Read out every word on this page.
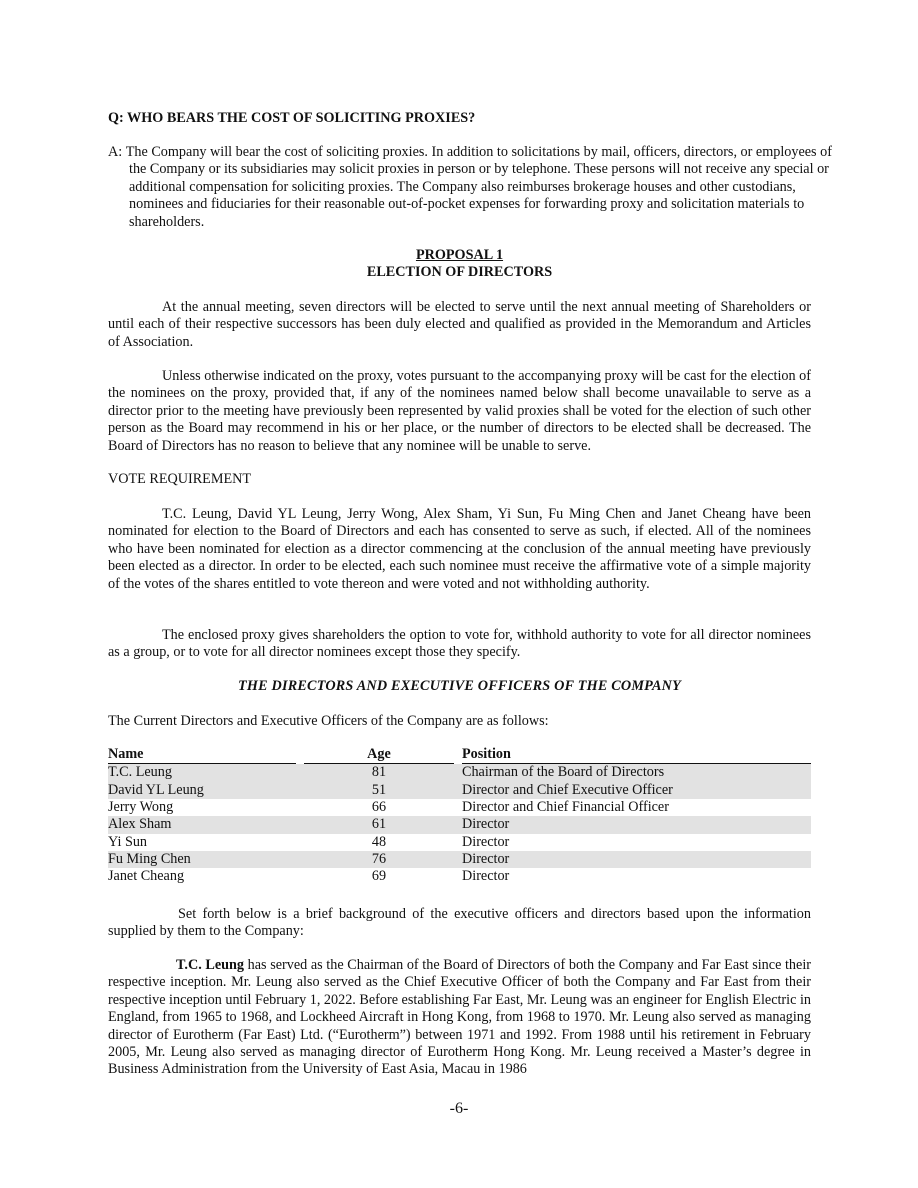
Q: WHO BEARS THE COST OF SOLICITING PROXIES?

A: The Company will bear the cost of soliciting proxies. In addition to solicitations by mail, officers, directors, or employees of the Company or its subsidiaries may solicit proxies in person or by telephone. These persons will not receive any special or additional compensation for soliciting proxies. The Company also reimburses brokerage houses and other custodians, nominees and fiduciaries for their reasonable out-of-pocket expenses for forwarding proxy and solicitation materials to shareholders.

PROPOSAL 1

ELECTION OF DIRECTORS

At the annual meeting, seven directors will be elected to serve until the next annual meeting of Shareholders or until each of their respective successors has been duly elected and qualified as provided in the Memorandum and Articles of Association.

Unless otherwise indicated on the proxy, votes pursuant to the accompanying proxy will be cast for the election of the nominees on the proxy, provided that, if any of the nominees named below shall become unavailable to serve as a director prior to the meeting have previously been represented by valid proxies shall be voted for the election of such other person as the Board may recommend in his or her place, or the number of directors to be elected shall be decreased. The Board of Directors has no reason to believe that any nominee will be unable to serve.

VOTE REQUIREMENT

T.C. Leung, David YL Leung, Jerry Wong, Alex Sham, Yi Sun, Fu Ming Chen and Janet Cheang have been nominated for election to the Board of Directors and each has consented to serve as such, if elected. All of the nominees who have been nominated for election as a director commencing at the conclusion of the annual meeting have previously been elected as a director. In order to be elected, each such nominee must receive the affirmative vote of a simple majority of the votes of the shares entitled to vote thereon and were voted and not withholding authority.

The enclosed proxy gives shareholders the option to vote for, withhold authority to vote for all director nominees as a group, or to vote for all director nominees except those they specify.

THE DIRECTORS AND EXECUTIVE OFFICERS OF THE COMPANY

The Current Directors and Executive Officers of the Company are as follows:

Name		Age		Position

T.C. Leung		81		Chairman of the Board of Directors
David YL Leung		51		Director and Chief Executive Officer
Jerry Wong		66		Director and Chief Financial Officer
Alex Sham		61		Director
Yi Sun		48		Director
Fu Ming Chen		76		Director
Janet Cheang		69		Director

Set forth below is a brief background of the executive officers and directors based upon the information supplied by them to the Company:

T.C. Leung has served as the Chairman of the Board of Directors of both the Company and Far East since their respective inception. Mr. Leung also served as the Chief Executive Officer of both the Company and Far East from their respective inception until February 1, 2022. Before establishing Far East, Mr. Leung was an engineer for English Electric in England, from 1965 to 1968, and Lockheed Aircraft in Hong Kong, from 1968 to 1970. Mr. Leung also served as managing director of Eurotherm (Far East) Ltd. (“Eurotherm”) between 1971 and 1992. From 1988 until his retirement in February 2005, Mr. Leung also served as managing director of Eurotherm Hong Kong. Mr. Leung received a Master’s degree in Business Administration from the University of East Asia, Macau in 1986

-6-
